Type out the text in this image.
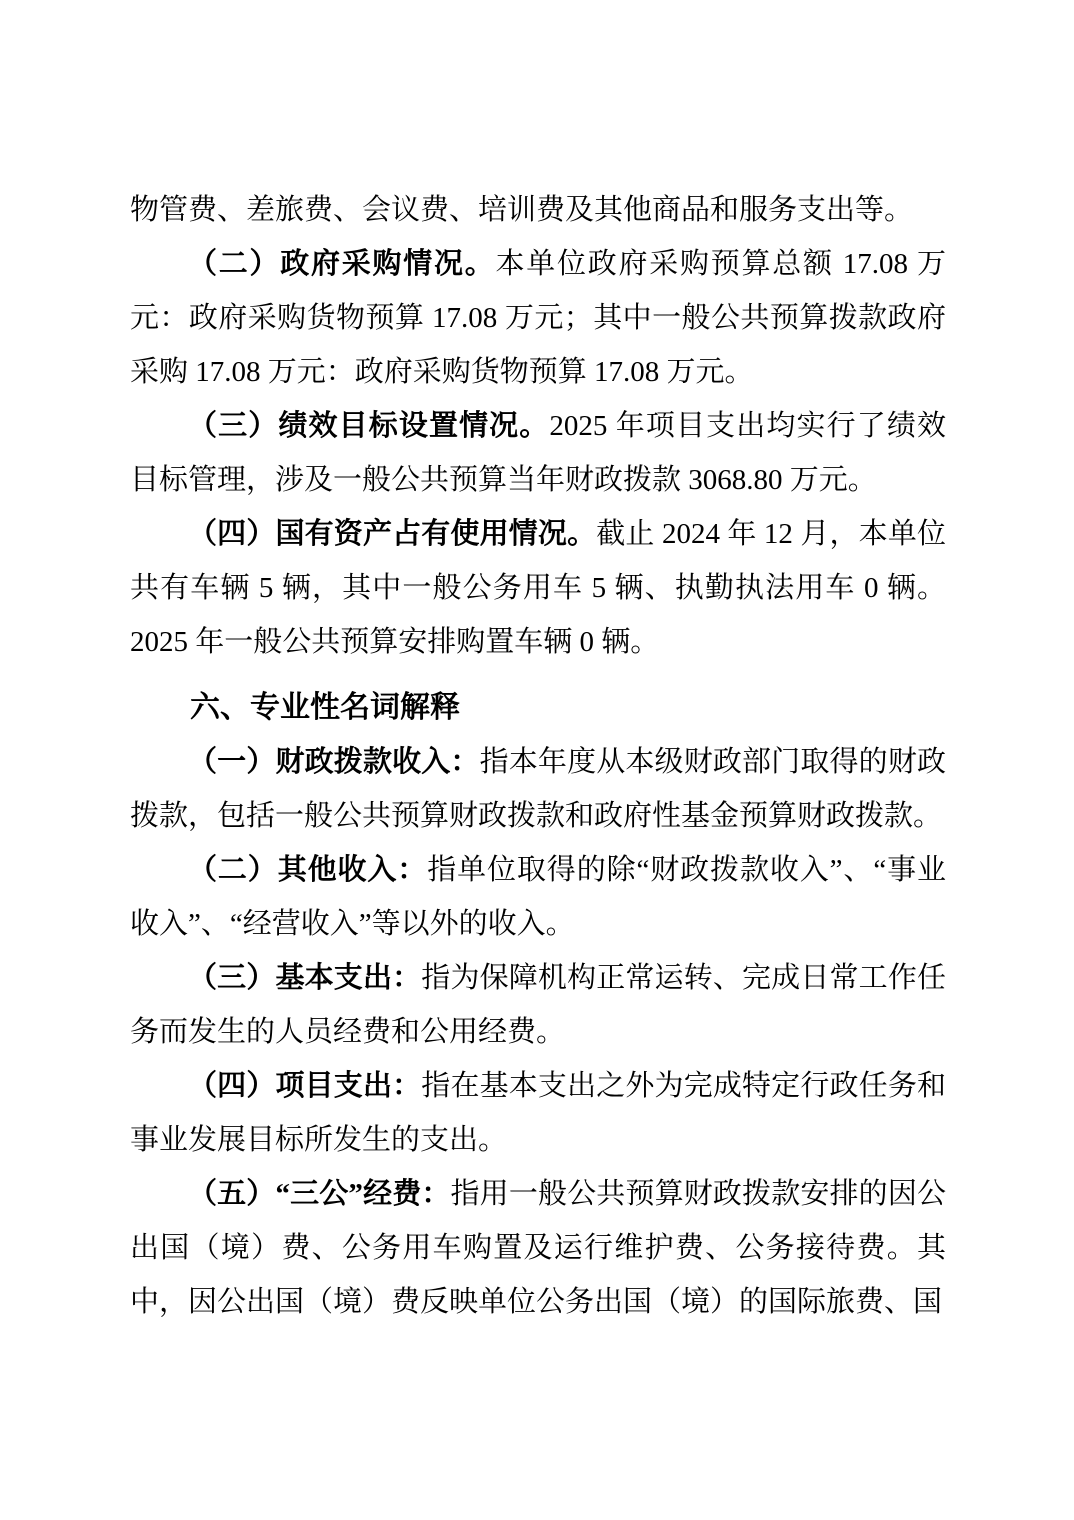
物管费、差旅费、会议费、培训费及其他商品和服务支出等。

（二）政府采购情况。本单位政府采购预算总额 17.08 万元：政府采购货物预算 17.08 万元；其中一般公共预算拨款政府采购 17.08 万元：政府采购货物预算 17.08 万元。

（三）绩效目标设置情况。2025 年项目支出均实行了绩效目标管理，涉及一般公共预算当年财政拨款 3068.80 万元。

（四）国有资产占有使用情况。截止 2024 年 12 月，本单位共有车辆 5 辆，其中一般公务用车 5 辆、执勤执法用车 0 辆。2025 年一般公共预算安排购置车辆 0 辆。

六、专业性名词解释

（一）财政拨款收入：指本年度从本级财政部门取得的财政拨款，包括一般公共预算财政拨款和政府性基金预算财政拨款。

（二）其他收入：指单位取得的除“财政拨款收入”、“事业收入”、“经营收入”等以外的收入。

（三）基本支出：指为保障机构正常运转、完成日常工作任务而发生的人员经费和公用经费。

（四）项目支出：指在基本支出之外为完成特定行政任务和事业发展目标所发生的支出。

（五）“三公”经费：指用一般公共预算财政拨款安排的因公出国（境）费、公务用车购置及运行维护费、公务接待费。其中，因公出国（境）费反映单位公务出国（境）的国际旅费、国
